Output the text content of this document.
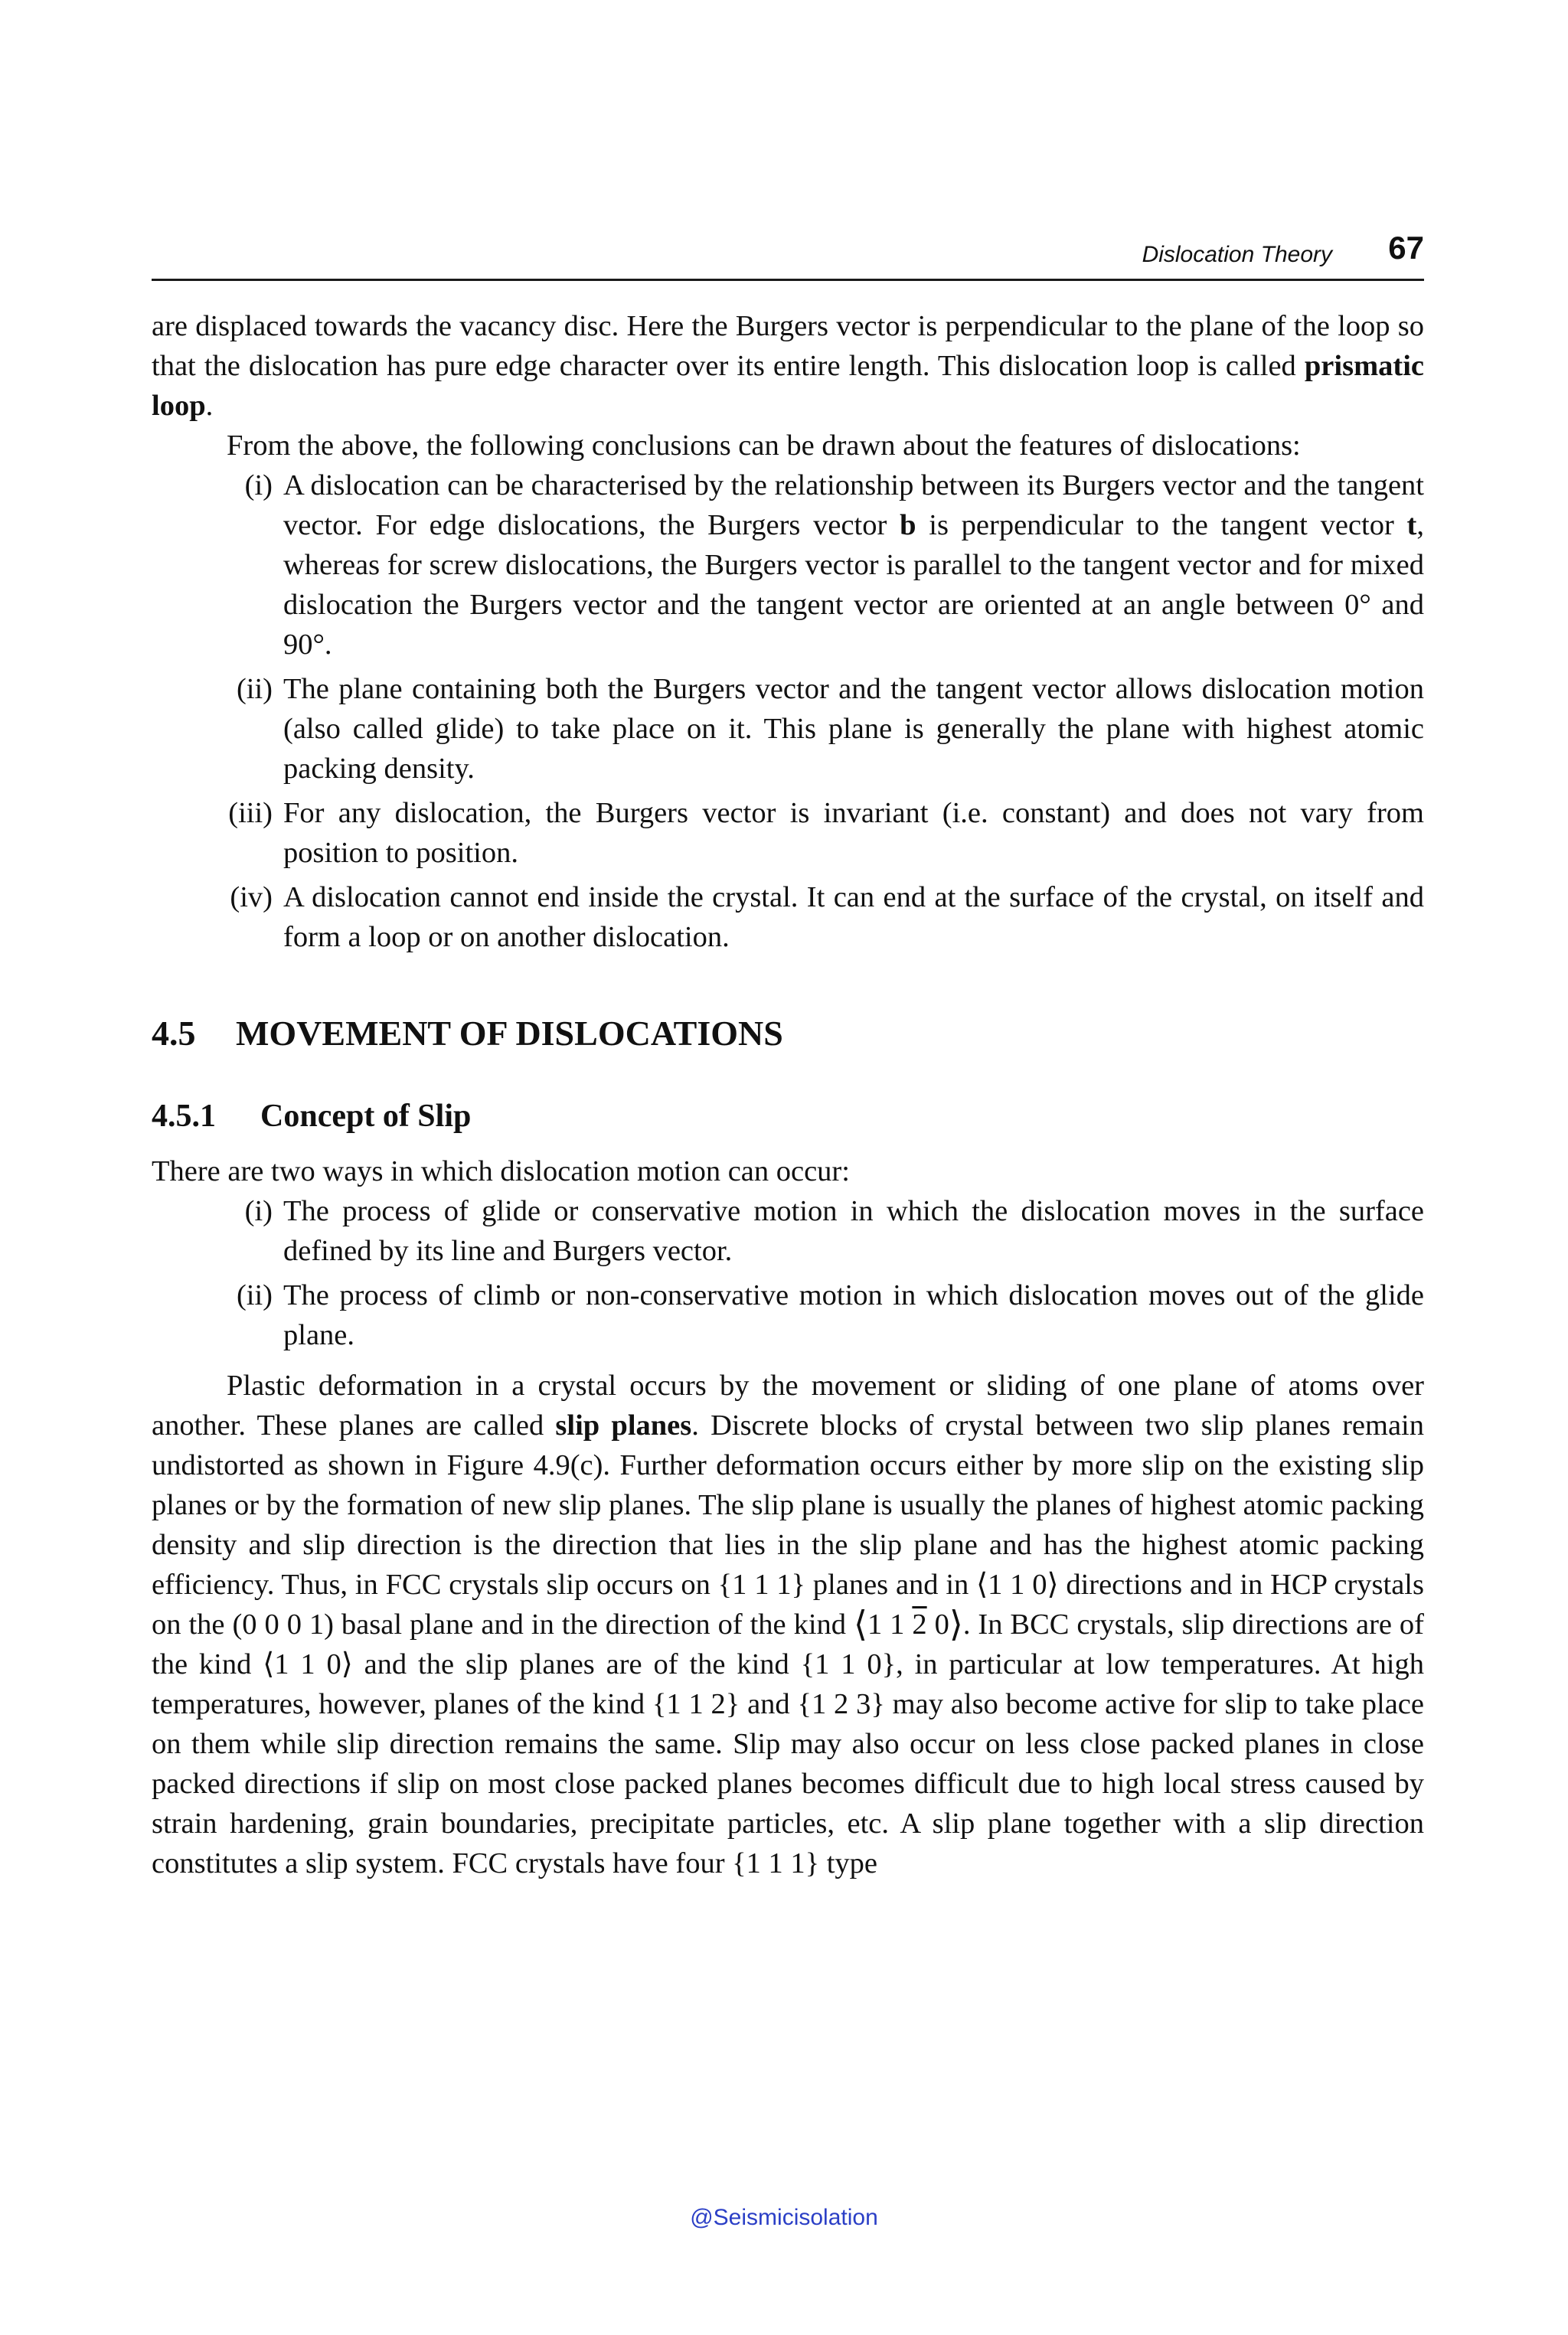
Dislocation Theory 67

are displaced towards the vacancy disc. Here the Burgers vector is perpendicular to the plane of the loop so that the dislocation has pure edge character over its entire length. This dislocation loop is called prismatic loop.

From the above, the following conclusions can be drawn about the features of dislocations:

(i) A dislocation can be characterised by the relationship between its Burgers vector and the tangent vector. For edge dislocations, the Burgers vector b is perpendicular to the tangent vector t, whereas for screw dislocations, the Burgers vector is parallel to the tangent vector and for mixed dislocation the Burgers vector and the tangent vector are oriented at an angle between 0° and 90°.
(ii) The plane containing both the Burgers vector and the tangent vector allows dislocation motion (also called glide) to take place on it. This plane is generally the plane with highest atomic packing density.
(iii) For any dislocation, the Burgers vector is invariant (i.e. constant) and does not vary from position to position.
(iv) A dislocation cannot end inside the crystal. It can end at the surface of the crystal, on itself and form a loop or on another dislocation.
4.5 MOVEMENT OF DISLOCATIONS
4.5.1 Concept of Slip

There are two ways in which dislocation motion can occur:

(i) The process of glide or conservative motion in which the dislocation moves in the surface defined by its line and Burgers vector.
(ii) The process of climb or non-conservative motion in which dislocation moves out of the glide plane.

Plastic deformation in a crystal occurs by the movement or sliding of one plane of atoms over another. These planes are called slip planes. Discrete blocks of crystal between two slip planes remain undistorted as shown in Figure 4.9(c). Further deformation occurs either by more slip on the existing slip planes or by the formation of new slip planes. The slip plane is usually the planes of highest atomic packing density and slip direction is the direction that lies in the slip plane and has the highest atomic packing efficiency. Thus, in FCC crystals slip occurs on {1 1 1} planes and in ⟨1 1 0⟩ directions and in HCP crystals on the (0 0 0 1) basal plane and in the direction of the kind ⟨1 1 2 0⟩. In BCC crystals, slip directions are of the kind ⟨1 1 0⟩ and the slip planes are of the kind {1 1 0}, in particular at low temperatures. At high temperatures, however, planes of the kind {1 1 2} and {1 2 3} may also become active for slip to take place on them while slip direction remains the same. Slip may also occur on less close packed planes in close packed directions if slip on most close packed planes becomes difficult due to high local stress caused by strain hardening, grain boundaries, precipitate particles, etc. A slip plane together with a slip direction constitutes a slip system. FCC crystals have four {1 1 1} type

@Seismicisolation
